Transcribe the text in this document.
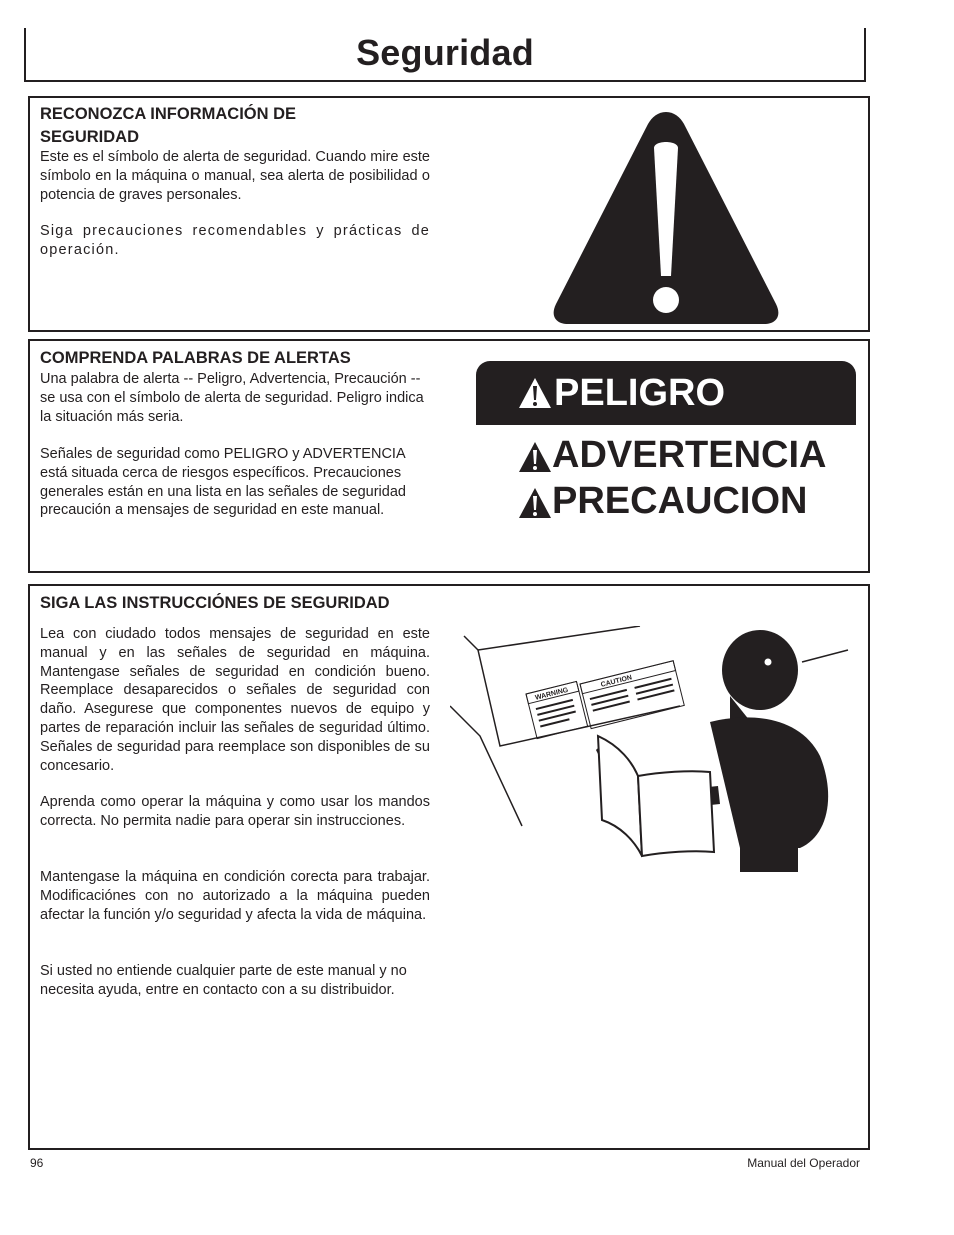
Seguridad
RECONOZCA INFORMACIÓN DE
SEGURIDAD

Este es el símbolo de alerta de seguridad. Cuando mire este símbolo en la máquina o manual, sea alerta de posibilidad o potencia de graves personales.

Siga precauciones recomendables y prácticas de operación.

COMPRENDA PALABRAS DE ALERTAS

Una palabra de alerta -- Peligro, Advertencia, Precaución -- se usa con el símbolo de alerta de seguridad. Peligro indica la situación más seria.

Señales de seguridad como PELIGRO y ADVERTENCIA está situada cerca de riesgos específicos. Precauciones generales están en una lista en las señales de seguridad precaución a mensajes de seguridad en este manual.

PELIGRO
ADVERTENCIA
PRECAUCION
SIGA LAS INSTRUCCIÓNES DE SEGURIDAD

Lea con ciudado todos mensajes de seguridad en este manual y en las señales de seguridad en máquina. Mantengase señales de seguridad en condición bueno. Reemplace desaparecidos o señales de seguridad con daño. Asegurese que componentes nuevos de equipo y partes de reparación incluir las señales de seguridad último. Señales de seguridad para reemplace son disponibles de su concesario.

Aprenda como operar la máquina y como usar los mandos correcta. No permita nadie para operar sin instrucciones.

Mantengase la máquina en condición corecta para trabajar. Modificaciónes con no autorizado a la máquina pueden afectar la función y/o seguridad y afecta la vida de máquina.

Si usted no entiende cualquier parte de este manual y no necesita ayuda, entre en contacto con a su distribuidor.

WARNING
CAUTION
96	Manual del Operador
